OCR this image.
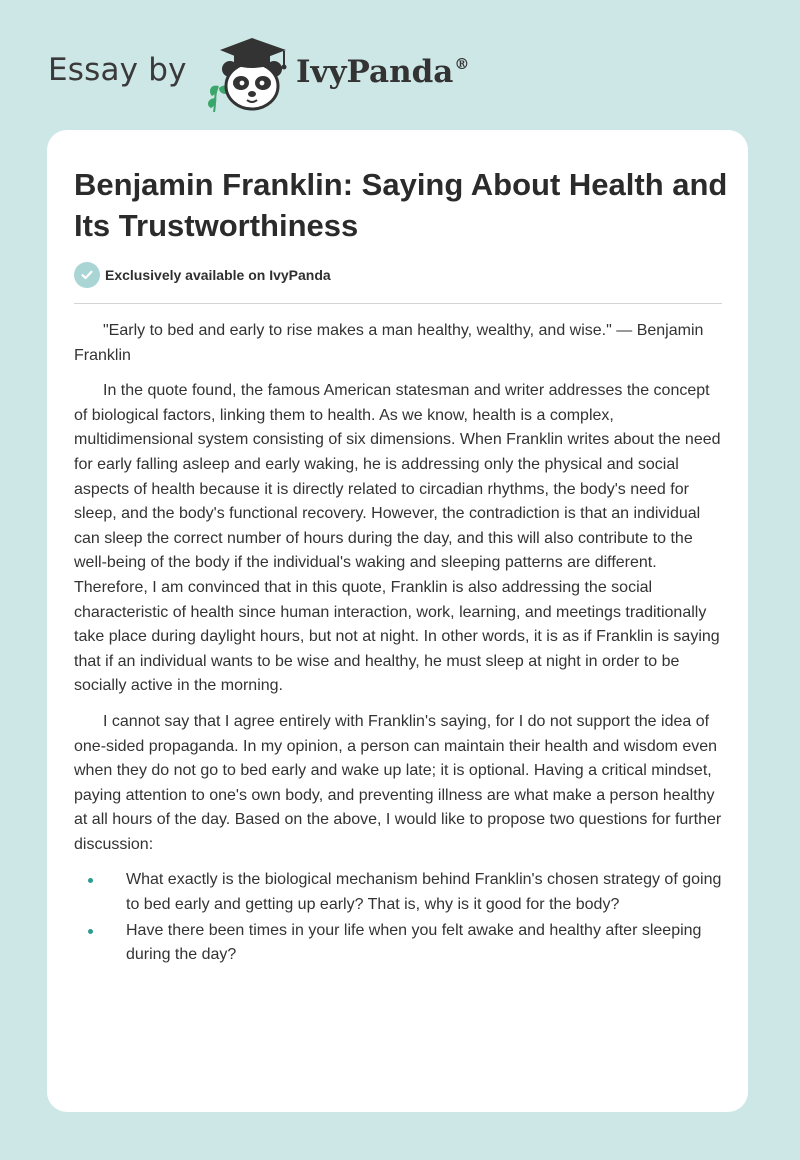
Essay by	IvyPanda®
Benjamin Franklin: Saying About Health and Its Trustworthiness
Exclusively available on IvyPanda

"Early to bed and early to rise makes a man healthy, wealthy, and wise." — Benjamin Franklin

In the quote found, the famous American statesman and writer addresses the concept of biological factors, linking them to health. As we know, health is a complex, multidimensional system consisting of six dimensions. When Franklin writes about the need for early falling asleep and early waking, he is addressing only the physical and social aspects of health because it is directly related to circadian rhythms, the body's need for sleep, and the body's functional recovery. However, the contradiction is that an individual can sleep the correct number of hours during the day, and this will also contribute to the well-being of the body if the individual's waking and sleeping patterns are different. Therefore, I am convinced that in this quote, Franklin is also addressing the social characteristic of health since human interaction, work, learning, and meetings traditionally take place during daylight hours, but not at night. In other words, it is as if Franklin is saying that if an individual wants to be wise and healthy, he must sleep at night in order to be socially active in the morning.

I cannot say that I agree entirely with Franklin's saying, for I do not support the idea of one-sided propaganda. In my opinion, a person can maintain their health and wisdom even when they do not go to bed early and wake up late; it is optional. Having a critical mindset, paying attention to one's own body, and preventing illness are what make a person healthy at all hours of the day. Based on the above, I would like to propose two questions for further discussion:

What exactly is the biological mechanism behind Franklin's chosen strategy of going to bed early and getting up early? That is, why is it good for the body?
Have there been times in your life when you felt awake and healthy after sleeping during the day?
